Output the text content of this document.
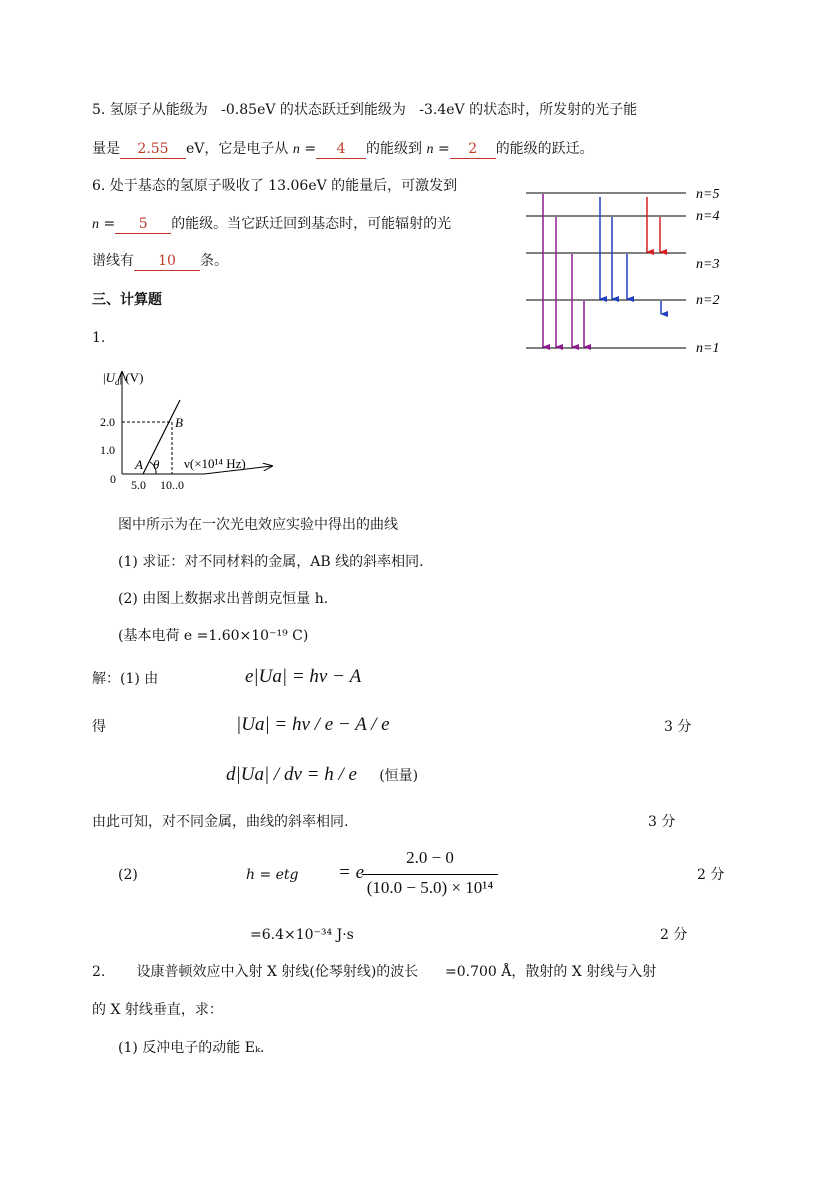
5. 氢原子从能级为 -0.85eV 的状态跃迁到能级为 -3.4eV 的状态时，所发射的光子能
量是 2.55 eV，它是电子从 n = 4 的能级到 n = 2 的能级的跃迁。
6. 处于基态的氢原子吸收了 13.06eV 的能量后，可激发到
n = 5 的能级。当它跃迁回到基态时，可能辐射的光
谱线有 10 条。
n=5
n=4
n=3
n=2
n=1
三、计算题
1.
$|U_a|$ (V)
2.0
1.0
0 5.0 10..0
A
B
θ ν(×10¹⁴ Hz)
图中所示为在一次光电效应实验中得出的曲线
(1) 求证：对不同材料的金属，AB 线的斜率相同.
(2) 由图上数据求出普朗克恒量 h.
(基本电荷 e =1.60×10⁻¹⁹ C)
解：(1) 由	e|Ua| = hν − A
得	|Ua| = hν / e − A / e	3 分
d|Ua| / dν = h / e (恒量)
由此可知，对不同金属，曲线的斜率相同.	3 分
(2)	h = etg = e
2.0 − 0
(10.0 − 5.0) × 10¹⁴
2 分
=6.4×10⁻³⁴ J·s	2 分
2. 设康普顿效应中入射 X 射线(伦琴射线)的波长 =0.700 Å，散射的 X 射线与入射
的 X 射线垂直，求：
(1) 反冲电子的动能 Eₖ.
